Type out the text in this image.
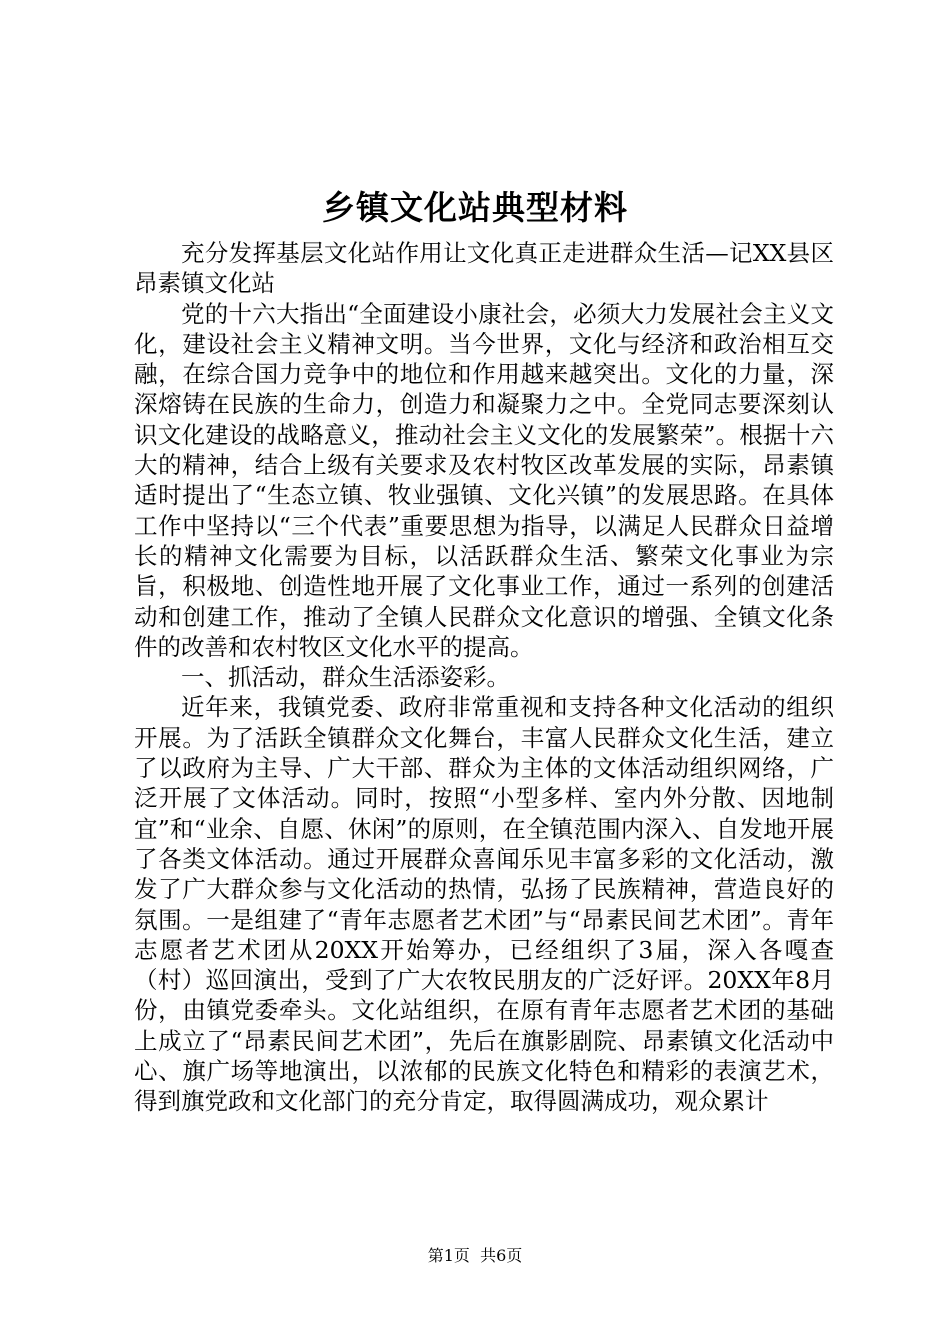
乡镇文化站典型材料

充分发挥基层文化站作用让文化真正走进群众生活—记XX县区昂素镇文化站

党的十六大指出“全面建设小康社会，必须大力发展社会主义文化，建设社会主义精神文明。当今世界，文化与经济和政治相互交融，在综合国力竞争中的地位和作用越来越突出。文化的力量，深深熔铸在民族的生命力，创造力和凝聚力之中。全党同志要深刻认识文化建设的战略意义，推动社会主义文化的发展繁荣”。根据十六大的精神，结合上级有关要求及农村牧区改革发展的实际，昂素镇适时提出了“生态立镇、牧业强镇、文化兴镇”的发展思路。在具体工作中坚持以“三个代表”重要思想为指导，以满足人民群众日益增长的精神文化需要为目标，以活跃群众生活、繁荣文化事业为宗旨，积极地、创造性地开展了文化事业工作，通过一系列的创建活动和创建工作，推动了全镇人民群众文化意识的增强、全镇文化条件的改善和农村牧区文化水平的提高。

一、抓活动，群众生活添姿彩。

近年来，我镇党委、政府非常重视和支持各种文化活动的组织开展。为了活跃全镇群众文化舞台，丰富人民群众文化生活，建立了以政府为主导、广大干部、群众为主体的文体活动组织网络，广泛开展了文体活动。同时，按照“小型多样、室内外分散、因地制宜”和“业余、自愿、休闲”的原则，在全镇范围内深入、自发地开展了各类文体活动。通过开展群众喜闻乐见丰富多彩的文化活动，激发了广大群众参与文化活动的热情，弘扬了民族精神，营造良好的氛围。一是组建了“青年志愿者艺术团”与“昂素民间艺术团”。青年志愿者艺术团从20XX开始筹办，已经组织了3届，深入各嘎查（村）巡回演出，受到了广大农牧民朋友的广泛好评。20XX年8月份，由镇党委牵头。文化站组织，在原有青年志愿者艺术团的基础上成立了“昂素民间艺术团”，先后在旗影剧院、昂素镇文化活动中心、旗广场等地演出，以浓郁的民族文化特色和精彩的表演艺术，得到旗党政和文化部门的充分肯定，取得圆满成功，观众累计

第1页 共6页
